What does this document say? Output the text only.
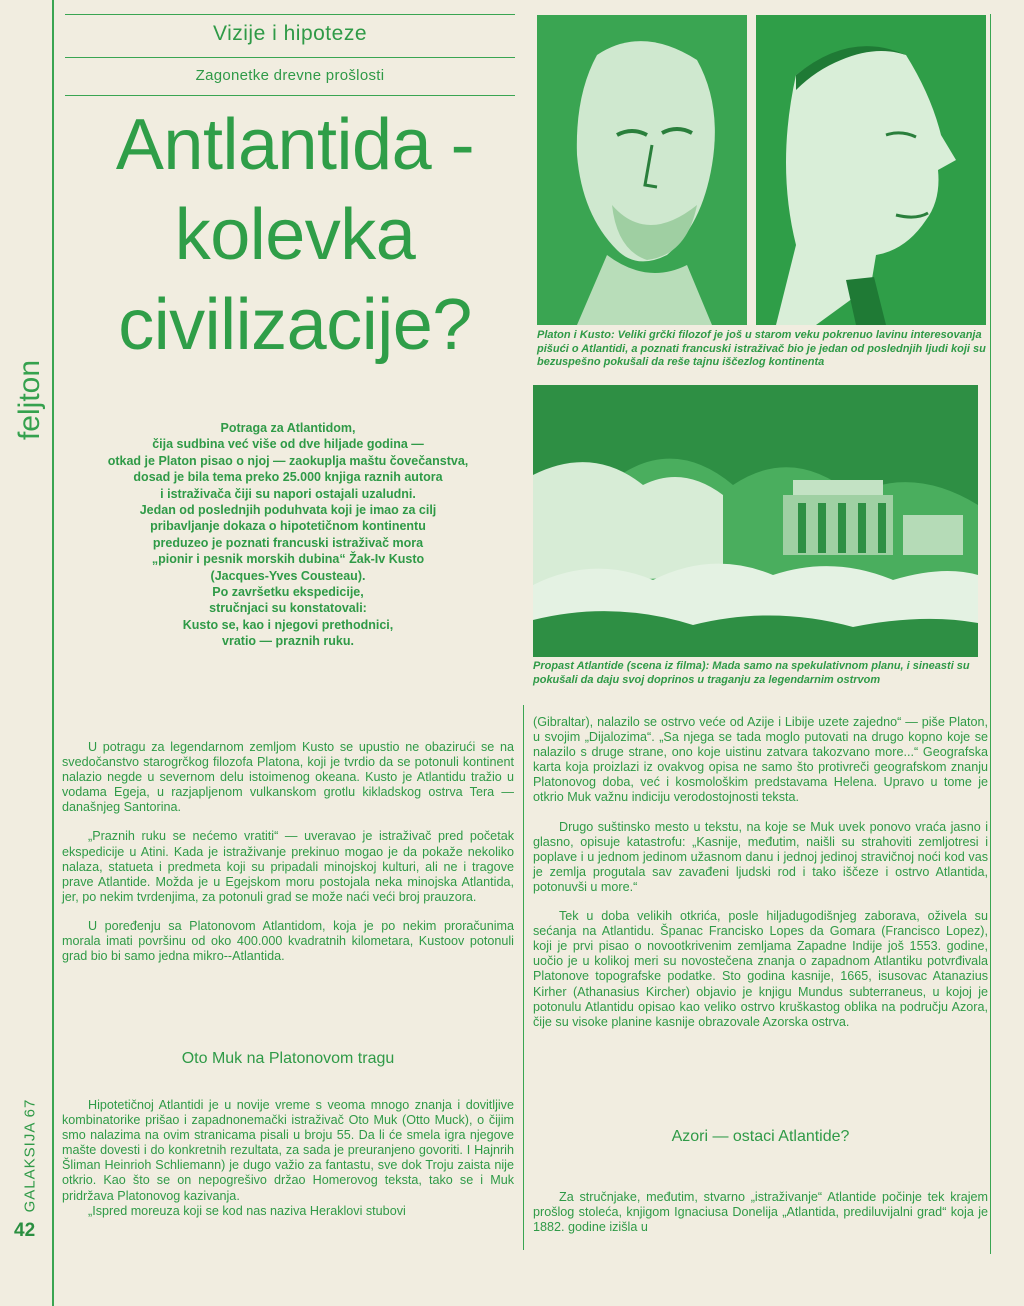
feljton
GALAKSIJA 67
42
Vizije i hipoteze
Zagonetke drevne prošlosti
Antlantida -
kolevka
civilizacije?
Potraga za Atlantidom,
čija sudbina već više od dve hiljade godina —
otkad je Platon pisao o njoj — zaokuplja maštu čovečanstva,
dosad je bila tema preko 25.000 knjiga raznih autora
i istraživača čiji su napori ostajali uzaludni.
Jedan od poslednjih poduhvata koji je imao za cilj
pribavljanje dokaza o hipotetičnom kontinentu
preduzeo je poznati francuski istraživač mora
„pionir i pesnik morskih dubina“ Žak-Iv Kusto
(Jacques-Yves Cousteau).
Po završetku ekspedicije,
stručnjaci su konstatovali:
Kusto se, kao i njegovi prethodnici,
vratio — praznih ruku.
Platon i Kusto: Veliki grčki filozof je još u starom veku pokrenuo lavinu interesovanja pišući o Atlantidi, a poznati francuski istraživač bio je jedan od poslednjih ljudi koji su bezuspešno pokušali da reše tajnu iščezlog kontinenta
Propast Atlantide (scena iz filma): Mada samo na spekulativnom planu, i sineasti su pokušali da daju svoj doprinos u traganju za legendarnim ostrvom

U potragu za legendarnom zemljom Kusto se upustio ne obazirući se na svedočanstvo starogrčkog filozofa Platona, koji je tvrdio da se potonuli kontinent nalazio negde u severnom delu istoimenog okeana. Kusto je Atlantidu tražio u vodama Egeja, u razjapljenom vulkanskom grotlu kikladskog ostrva Tera — današnjeg Santorina.

„Praznih ruku se nećemo vratiti“ — uveravao je istraživač pred početak ekspedicije u Atini. Kada je istraživanje prekinuo mogao je da pokaže nekoliko nalaza, statueta i predmeta koji su pripadali minojskoj kulturi, ali ne i tragove prave Atlantide. Možda je u Egejskom moru postojala neka minojska Atlantida, jer, po nekim tvrdenjima, za potonuli grad se može naći veći broj prauzora.

U poređenju sa Platonovom Atlantidom, koja je po nekim proračunima morala imati površinu od oko 400.000 kvadratnih kilometara, Kustoov potonuli grad bio bi samo jedna mikro--Atlantida.

Oto Muk na Platonovom tragu

Hipotetičnoj Atlantidi je u novije vreme s veoma mnogo znanja i dovitljive kombinatorike prišao i zapadnonemački istraživač Oto Muk (Otto Muck), o čijim smo nalazima na ovim stranicama pisali u broju 55. Da li će smela igra njegove mašte dovesti i do konkretnih rezultata, za sada je preuranjeno govoriti. I Hajnrih Šliman Heinrioh Schliemann) je dugo važio za fantastu, sve dok Troju zaista nije otkrio. Kao što se on nepogrešivo držao Homerovog teksta, tako se i Muk pridržava Platonovog kazivanja.

„Ispred moreuza koji se kod nas naziva Heraklovi stubovi

(Gibraltar), nalazilo se ostrvo veće od Azije i Libije uzete zajedno“ — piše Platon, u svojim „Dijalozima“. „Sa njega se tada moglo putovati na drugo kopno koje se nalazilo s druge strane, ono koje uistinu zatvara takozvano more...“ Geografska karta koja proizlazi iz ovakvog opisa ne samo što protivreči geografskom znanju Platonovog doba, već i kosmološkim predstavama Helena. Upravo u tome je otkrio Muk važnu indiciju verodostojnosti teksta.

Drugo suštinsko mesto u tekstu, na koje se Muk uvek ponovo vraća jasno i glasno, opisuje katastrofu: „Kasnije, međutim, naišli su strahoviti zemljotresi i poplave i u jednom jedinom užasnom danu i jednoj jedinoj stravičnoj noći kod vas je zemlja progutala sav zavađeni ljudski rod i tako iščeze i ostrvo Atlantida, potonuvši u more.“

Tek u doba velikih otkrića, posle hiljadugodišnjeg zaborava, oživela su sećanja na Atlantidu. Španac Francisko Lopes da Gomara (Francisco Lopez), koji je prvi pisao o novootkrivenim zemljama Zapadne Indije još 1553. godine, uočio je u kolikoj meri su novostečena znanja o zapadnom Atlantiku potvrđivala Platonove topografske podatke. Sto godina kasnije, 1665, isusovac Atanazius Kirher (Athanasius Kircher) objavio je knjigu Mundus subterraneus, u kojoj je potonulu Atlantidu opisao kao veliko ostrvo kruškastog oblika na području Azora, čije su visoke planine kasnije obrazovale Azorska ostrva.

Azori — ostaci Atlantide?

Za stručnjake, međutim, stvarno „istraživanje“ Atlantide počinje tek krajem prošlog stoleća, knjigom Ignaciusa Donelija „Atlantida, prediluvijalni grad“ koja je 1882. godine izišla u
